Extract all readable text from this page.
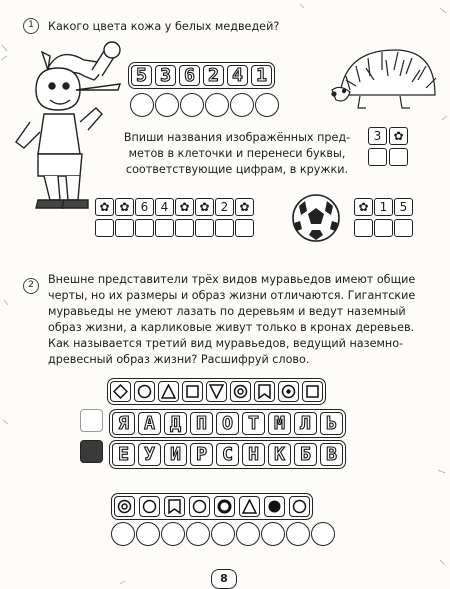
1	Какого цвета кожа у белых медведей?
5 3 6 2 4 1
Впиши названия изображённых пред-
метов в клеточки и перенеси буквы,
соответствующие цифрам, в кружки.
3	✿
✿ ✿ 6	4 ✿ ✿ 2 ✿	✿ 1	5
2	Внешне представители трёх видов муравьедов имеют общие
черты, но их размеры и образ жизни отличаются. Гигантские
муравьеды не умеют лазать по деревьям и ведут наземный
образ жизни, а карликовые живут только в кронах деревьев.
Как называется третий вид муравьедов, ведущий наземно-
древесный образ жизни? Расшифруй слово.
Я А Д П О Т М Л Ь
Е У И Р С Н К Б В
8
